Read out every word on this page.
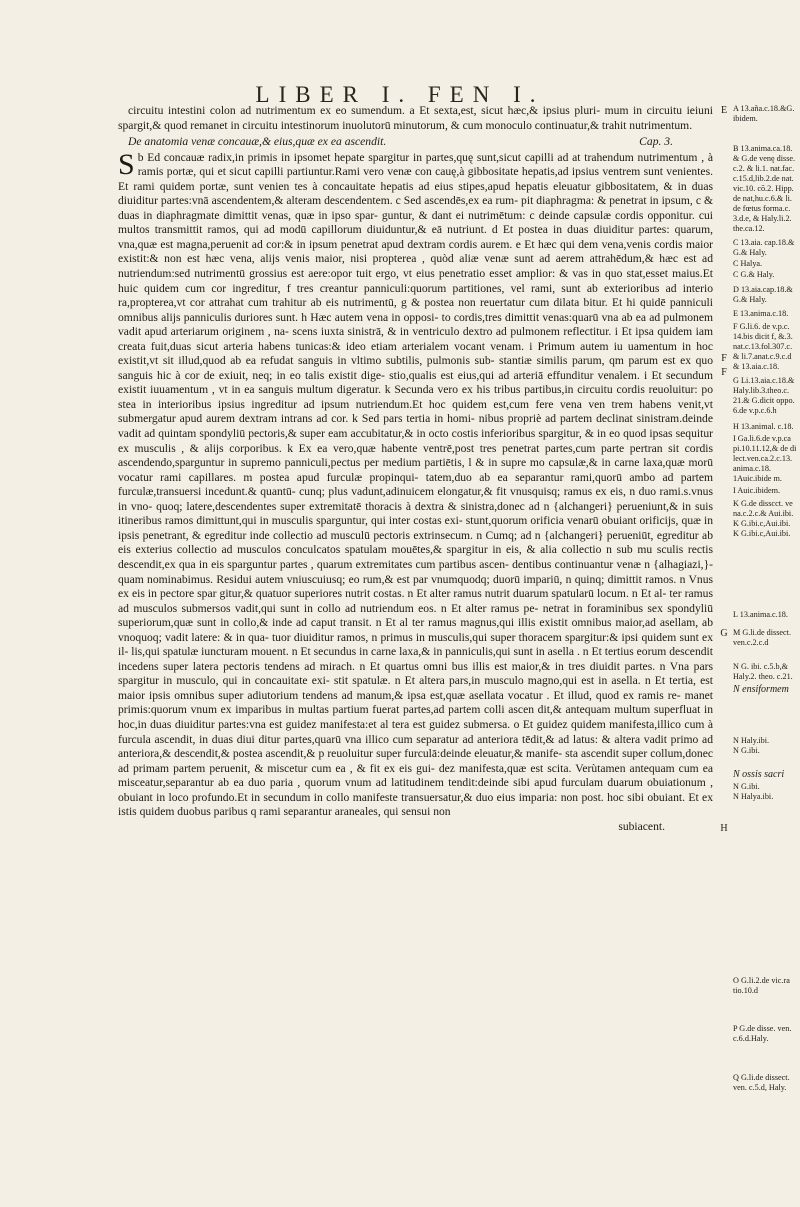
LIBER I. FEN I.

circuitu intestini colon ad nutrimentum ex eo sumendum. a Et sexta,est, sicut hæc,& ipsius pluri- mum in circuitu ieiuni spargit,& quod remanet in circuitu intestinorum inuolutorū minutorum, & cum monoculo continuatur,& trahit nutrimentum.

De anatomia venæ concauæ,& eius,quæ ex ea ascendit.	Cap. 3.

Sb Ed concauæ radix,in primis in ipsomet hepate spargitur in partes,quę sunt,sicut capilli ad at trahendum nutrimentum , à ramis portæ, qui et sicut capilli partiuntur.Rami vero venæ con cauę,à gibbositate hepatis,ad ipsius ventrem sunt venientes. Et rami quidem portæ, sunt venien tes à concauitate hepatis ad eius stipes,apud hepatis eleuatur gibbositatem, & in duas diuiditur partes:vnā ascendentem,& alteram descendentem. c Sed ascendēs,ex ea rum- pit diaphragma: & penetrat in ipsum, c & duas in diaphragmate dimittit venas, quæ in ipso spar- guntur, & dant ei nutrimētum: c deinde capsulæ cordis opponitur. cui multos transmittit ramos, qui ad modū capillorum diuiduntur,& eā nutriunt. d Et postea in duas diuiditur partes: quarum, vna,quæ est magna,peruenit ad cor:& in ipsum penetrat apud dextram cordis aurem. e Et hæc qui dem vena,venis cordis maior existit:& non est hæc vena, alijs venis maior, nisi propterea , quòd aliæ venæ sunt ad aerem attrahēdum,& hæc est ad nutriendum:sed nutrimentū grossius est aere:opor tuit ergo, vt eius penetratio esset amplior: & vas in quo stat,esset maius.Et huic quidem cum cor ingreditur, f tres creantur panniculi:quorum partitiones, vel rami, sunt ab exterioribus ad interio ra,propterea,vt cor attrahat cum trahitur ab eis nutrimentū, g & postea non reuertatur cum dilata bitur. Et hi quidē panniculi omnibus alijs panniculis duriores sunt. h Hæc autem vena in opposi- to cordis,tres dimittit venas:quarū vna ab ea ad pulmonem vadit apud arteriarum originem , na- scens iuxta sinistrā, & in ventriculo dextro ad pulmonem reflectitur. i Et ipsa quidem iam creata fuit,duas sicut arteria habens tunicas:& ideo etiam arterialem vocant venam. i Primum autem iu uamentum in hoc existit,vt sit illud,quod ab ea refudat sanguis in vltimo subtilis, pulmonis sub- stantiæ similis parum, qm parum est ex quo sanguis hic à cor de exiuit, neq; in eo talis existit dige- stio,qualis est eius,qui ad arteriā effunditur venalem. i Et secundum existit iuuamentum , vt in ea sanguis multum digeratur. k Secunda vero ex his tribus partibus,in circuitu cordis reuoluitur: po stea in interioribus ipsius ingreditur ad ipsum nutriendum.Et hoc quidem est,cum fere vena ven trem habens venit,vt submergatur apud aurem dextram intrans ad cor. k Sed pars tertia in homi- nibus propriè ad partem declinat sinistram.deinde vadit ad quintam spondyliū pectoris,& super eam accubitatur,& in octo costis inferioribus spargitur, & in eo quod ipsas sequitur ex musculis , & alijs corporibus. k Ex ea vero,quæ habente ventrē,post tres penetrat partes,cum parte pertran sit cordis ascendendo,sparguntur in supremo panniculi,pectus per medium partiētis, l & in supre mo capsulæ,& in carne laxa,quæ morū vocatur rami capillares. m postea apud furculæ propinqui- tatem,duo ab ea separantur rami,quorū ambo ad partem furculæ,transuersi incedunt.& quantū- cunq; plus vadunt,adinuicem elongatur,& fit vnusquisq; ramus ex eis, n duo rami.s.vnus in vno- quoq; latere,descendentes super extremitatē thoracis à dextra & sinistra,donec ad n {alchangeri} perueniunt,& in suis itineribus ramos dimittunt,qui in musculis sparguntur, qui inter costas exi- stunt,quorum orificia venarū obuiant orificijs, quæ in ipsis penetrant, & egreditur inde collectio ad musculū pectoris extrinsecum. n Cumq; ad n {alchangeri} perueniūt, egreditur ab eis exterius collectio ad musculos conculcatos spatulam mouētes,& spargitur in eis, & alia collectio n sub mu sculis rectis descendit,ex qua in eis sparguntur partes , quarum extremitates cum partibus ascen- dentibus continuantur venæ n {alhagiazi,}-quam nominabimus. Residui autem vniuscuiusq; eo rum,& est par vnumquodq; duorū impariū, n quinq; dimittit ramos. n Vnus ex eis in pectore spar gitur,& quatuor superiores nutrit costas. n Et alter ramus nutrit duarum spatularū locum. n Et al- ter ramus ad musculos submersos vadit,qui sunt in collo ad nutriendum eos. n Et alter ramus pe- netrat in foraminibus sex spondyliū superiorum,quæ sunt in collo,& inde ad caput transit. n Et al ter ramus magnus,qui illis existit omnibus maior,ad asellam, ab vnoquoq; vadit latere: & in qua- tuor diuiditur ramos, n primus in musculis,qui super thoracem spargitur:& ipsi quidem sunt ex il- lis,qui spatulæ iuncturam mouent. n Et secundus in carne laxa,& in panniculis,qui sunt in asella . n Et tertius eorum descendit incedens super latera pectoris tendens ad mirach. n Et quartus omni bus illis est maior,& in tres diuidit partes. n Vna pars spargitur in musculo, qui in concauitate exi- stit spatulæ. n Et altera pars,in musculo magno,qui est in asella. n Et tertia, est maior ipsis omnibus super adiutorium tendens ad manum,& ipsa est,quæ asellata vocatur . Et illud, quod ex ramis re- manet primis:quorum vnum ex imparibus in multas partium fuerat partes,ad partem colli ascen dit,& antequam multum superfluat in hoc,in duas diuiditur partes:vna est guidez manifesta:et al tera est guidez submersa. o Et guidez quidem manifesta,illico cum à furcula ascendit, in duas diui ditur partes,quarū vna illico cum separatur ad anteriora tēdit,& ad latus: & altera vadit primo ad anteriora,& descendit,& postea ascendit,& p reuoluitur super furculā:deinde eleuatur,& manife- sta ascendit super collum,donec ad primam partem peruenit, & miscetur cum ea , & fit ex eis gui- dez manifesta,quæ est scita. Verùtamen antequam cum ea misceatur,separantur ab ea duo paria , quorum vnum ad latitudinem tendit:deinde sibi apud furculam duarum obuiationum , obuiant in loco profundo.Et in secundum in collo manifeste transuersatur,& duo eius imparia: non post. hoc sibi obuiant. Et ex istis quidem duobus paribus q rami separantur araneales, qui sensui non

subiacent.

E
F
F
G
H
A 13.aña.c.18.&G.
ibidem.
B 13.anima.ca.18.
& G.de venę disse.
c.2. & li.1. nat.fac.
c.15.d,lib.2.de nat.
vic.10. cō.2. Hipp.
de nat,hu.c.6.& li.
de fœtus forma.c.
3.d.e, & Haly.li.2.
the.ca.12.
C 13.aia. cap.18.&
G.& Haly.
C Halya.
C G.& Haly.
D 13.aia.cap.18.&
G.& Haly.
E 13.anima.c.18.
F G.li.6. de v.p.c.
14.bis dicit f, &.3.
nat.c.13.fol.307.c.
& li.7.anat.c.9.c.d
& 13.aia.c.18.
G Li.13.aia.c.18.&
Haly.lib.3.theo.c.
21.& G.dicit oppo.
6.de v.p.c.6.h
H 13.animal. c.18.
I Ga.li.6.de v.p.ca
pi.10.11.12,& de di
lect.ven.ca.2.c.13.
anima.c.18.
1Auic.ibide m.
I Auic.ibidem.
K G.de disscct. ve
na.c.2.c.& Aui.ibi.
K G.ibi.c,Aui.ibi.
K G.ibi.c,Aui.ibi.
L 13.anima.c.18.
M G.li.de dissect.
ven.c.2.c.d
N G. ibi. c.5.b,&
Haly.2. theo. c.21.
N ensiformem
N Haly.ibi.
N G.ibi.
N ossis sacri
N G.ibi.
N Halya.ibi.
O G.li.2.de vic.ra
tio.10.d
P G.de disse. ven.
c.6.d.Haly.
Q G.li.de dissect.
ven. c.5.d, Haly.
